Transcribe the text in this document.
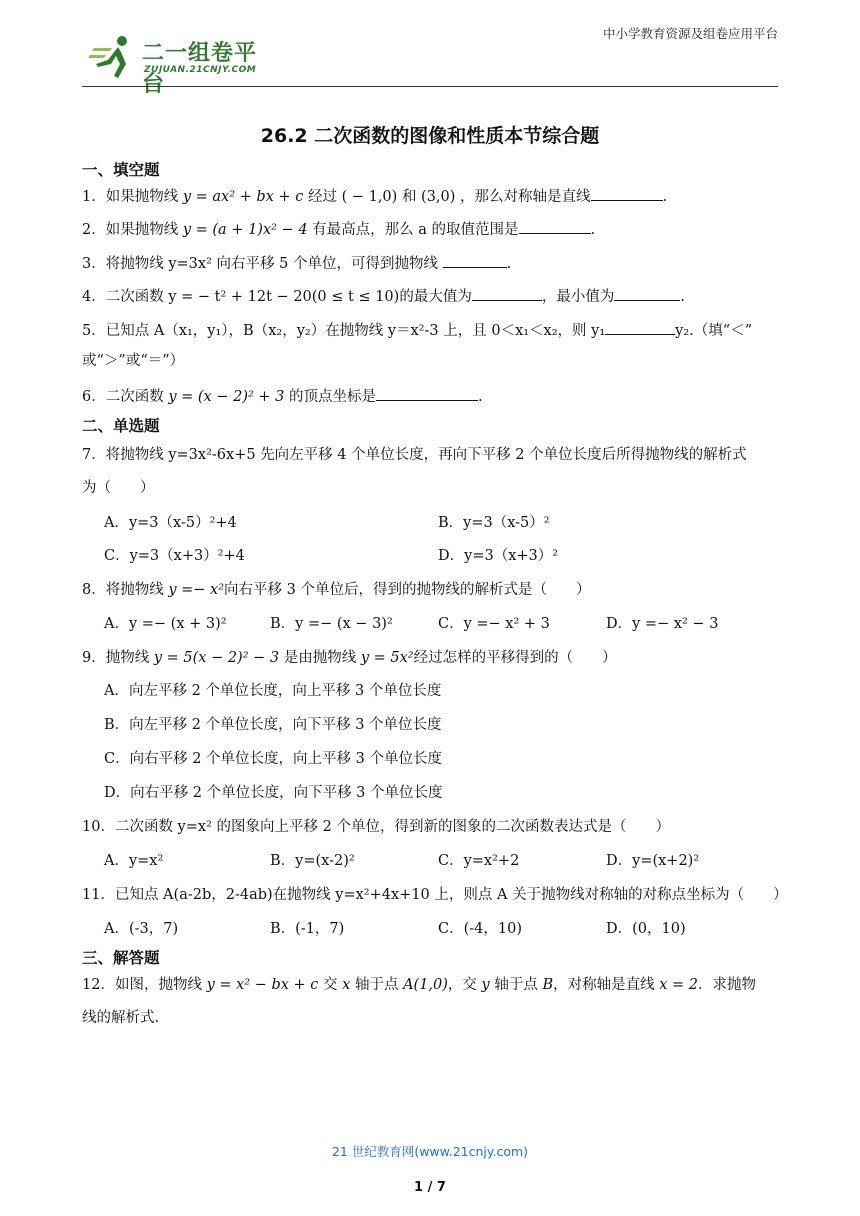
中小学教育资源及组卷应用平台
二一组卷平台
ZUJUAN.21CNJY.COM
26.2 二次函数的图像和性质本节综合题
一、填空题
1．如果抛物线 y = ax² + bx + c 经过 ( − 1,0) 和 (3,0) ，那么对称轴是直线	.
2．如果抛物线 y = (a + 1)x² − 4 有最高点，那么 a 的取值范围是	.
3．将抛物线 y=3x² 向右平移 5 个单位，可得到抛物线	.
4．二次函数 y = − t² + 12t − 20(0 ≤ t ≤ 10)的最大值为	，最小值为	.
5．已知点 A（x₁，y₁），B（x₂，y₂）在抛物线 y＝x²-3 上，且 0＜x₁＜x₂，则 y₁	y₂.（填“＜”
或“＞”或“＝”）
6．二次函数 y = (x − 2)² + 3 的顶点坐标是	.
二、单选题
7．将抛物线 y=3x²-6x+5 先向左平移 4 个单位长度，再向下平移 2 个单位长度后所得抛物线的解析式
为（　　）
A．y=3（x-5）²+4	B．y=3（x-5）²
C．y=3（x+3）²+4	D．y=3（x+3）²
8．将抛物线 y =− x²向右平移 3 个单位后，得到的抛物线的解析式是（　　）
A．y =− (x + 3)²	B．y =− (x − 3)²	C．y =− x² + 3	D．y =− x² − 3
9．抛物线 y = 5(x − 2)² − 3 是由抛物线 y = 5x²经过怎样的平移得到的（　　）
A．向左平移 2 个单位长度，向上平移 3 个单位长度
B．向左平移 2 个单位长度，向下平移 3 个单位长度
C．向右平移 2 个单位长度，向上平移 3 个单位长度
D．向右平移 2 个单位长度，向下平移 3 个单位长度
10．二次函数 y=x² 的图象向上平移 2 个单位，得到新的图象的二次函数表达式是（　　）
A．y=x²	B．y=(x-2)²	C．y=x²+2	D．y=(x+2)²
11．已知点 A(a-2b，2-4ab)在抛物线 y=x²+4x+10 上，则点 A 关于抛物线对称轴的对称点坐标为（　　）
A．(-3，7)	B．(-1，7)	C．(-4，10)	D．(0，10)
三、解答题
12．如图，抛物线 y = x² − bx + c 交 x 轴于点 A(1,0)，交 y 轴于点 B，对称轴是直线 x = 2．求抛物
线的解析式.
21 世纪教育网(www.21cnjy.com)
1 / 7
